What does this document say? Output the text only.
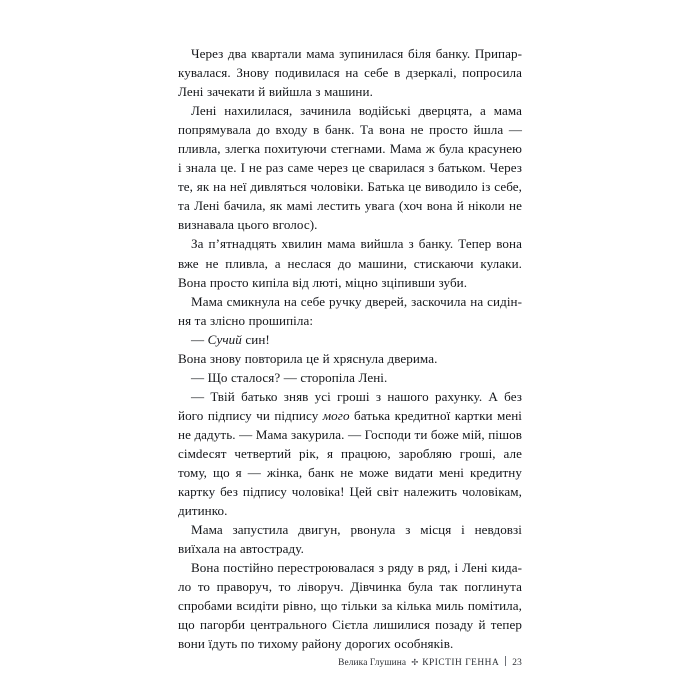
Через два квартали мама зупинилася біля банку. Припаркувалася. Знову подивилася на себе в дзеркалі, попросила Лені зачекати й вийшла з машини.

Лені нахилилася, зачинила водійські дверцята, а мама попрямувала до входу в банк. Та вона не просто йшла — пливла, злегка похитуючи стегнами. Мама ж була красунею і знала це. І не раз саме через це сварилася з батьком. Через те, як на неї дивляться чоловіки. Батька це виводило із себе, та Лені бачила, як мамі лестить увага (хоч вона й ніколи не визнавала цього вголос).

За п’ятнадцять хвилин мама вийшла з банку. Тепер вона вже не пливла, а неслася до машини, стискаючи кулаки. Вона просто кипіла від люті, міцно зціпивши зуби.

Мама смикнула на себе ручку дверей, заскочила на сидіння та злісно прошипіла:

— Сучий син!

Вона знову повторила це й хряснула дверима.

— Що сталося? — сторопіла Лені.

— Твій батько зняв усі гроші з нашого рахунку. А без його підпису чи підпису мого батька кредитної картки мені не дадуть. — Мама закурила. — Господи ти боже мій, пішов сімdесят четвертий рік, я працюю, заробляю гроші, але тому, що я — жінка, банк не може видати мені кредитну картку без підпису чоловіка! Цей світ належить чоловікам, дитинко.

Мама запустила двигун, рвонула з місця і невдовзі виїхала на автостраду.

Вона постійно перестроювалася з ряду в ряд, і Лені кидало то праворуч, то ліворуч. Дівчинка була так поглинута спробами всидіти рівно, що тільки за кілька миль помітила, що пагорби центрального Сієтла лишилися позаду й тепер вони їдуть по тихому району дорогих особняків.

Велика Глушина ✢ КРІСТІН ГЕННА 23
